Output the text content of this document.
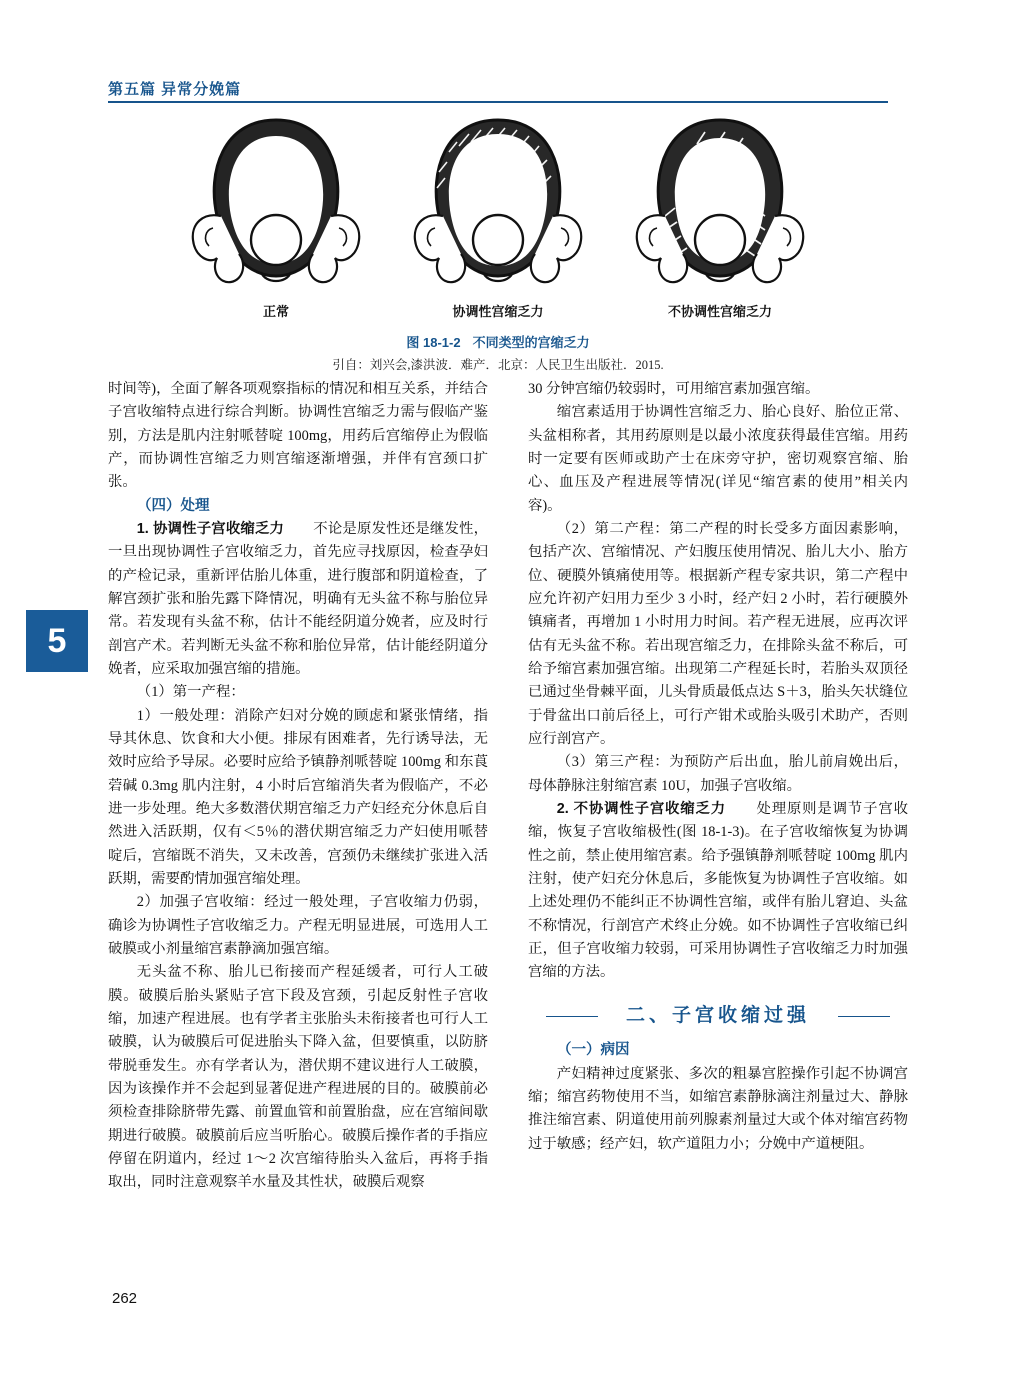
第五篇 异常分娩篇
5
正常	协调性宫缩乏力	不协调性宫缩乏力
图 18-1-2 不同类型的宫缩乏力
引自：刘兴会,漆洪波．难产．北京：人民卫生出版社．2015.

时间等)，全面了解各项观察指标的情况和相互关系，并结合子宫收缩特点进行综合判断。协调性宫缩乏力需与假临产鉴别，方法是肌内注射哌替啶 100mg，用药后宫缩停止为假临产，而协调性宫缩乏力则宫缩逐渐增强，并伴有宫颈口扩张。

（四）处理

1. 协调性子宫收缩乏力　　不论是原发性还是继发性，一旦出现协调性子宫收缩乏力，首先应寻找原因，检查孕妇的产检记录，重新评估胎儿体重，进行腹部和阴道检查，了解宫颈扩张和胎先露下降情况，明确有无头盆不称与胎位异常。若发现有头盆不称，估计不能经阴道分娩者，应及时行剖宫产术。若判断无头盆不称和胎位异常，估计能经阴道分娩者，应采取加强宫缩的措施。

（1）第一产程：

1）一般处理：消除产妇对分娩的顾虑和紧张情绪，指导其休息、饮食和大小便。排尿有困难者，先行诱导法，无效时应给予导尿。必要时应给予镇静剂哌替啶 100mg 和东莨菪碱 0.3mg 肌内注射，4 小时后宫缩消失者为假临产，不必进一步处理。绝大多数潜伏期宫缩乏力产妇经充分休息后自然进入活跃期，仅有＜5％的潜伏期宫缩乏力产妇使用哌替啶后，宫缩既不消失，又未改善，宫颈仍未继续扩张进入活跃期，需要酌情加强宫缩处理。

2）加强子宫收缩：经过一般处理，子宫收缩力仍弱，确诊为协调性子宫收缩乏力。产程无明显进展，可选用人工破膜或小剂量缩宫素静滴加强宫缩。

无头盆不称、胎儿已衔接而产程延缓者，可行人工破膜。破膜后胎头紧贴子宫下段及宫颈，引起反射性子宫收缩，加速产程进展。也有学者主张胎头未衔接者也可行人工破膜，认为破膜后可促进胎头下降入盆，但要慎重，以防脐带脱垂发生。亦有学者认为，潜伏期不建议进行人工破膜，因为该操作并不会起到显著促进产程进展的目的。破膜前必须检查排除脐带先露、前置血管和前置胎盘，应在宫缩间歇期进行破膜。破膜前后应当听胎心。破膜后操作者的手指应停留在阴道内，经过 1～2 次宫缩待胎头入盆后，再将手指取出，同时注意观察羊水量及其性状，破膜后观察

30 分钟宫缩仍较弱时，可用缩宫素加强宫缩。

缩宫素适用于协调性宫缩乏力、胎心良好、胎位正常、头盆相称者，其用药原则是以最小浓度获得最佳宫缩。用药时一定要有医师或助产士在床旁守护，密切观察宫缩、胎心、血压及产程进展等情况(详见“缩宫素的使用”相关内容)。

（2）第二产程：第二产程的时长受多方面因素影响，包括产次、宫缩情况、产妇腹压使用情况、胎儿大小、胎方位、硬膜外镇痛使用等。根据新产程专家共识，第二产程中应允许初产妇用力至少 3 小时，经产妇 2 小时，若行硬膜外镇痛者，再增加 1 小时用力时间。若产程无进展，应再次评估有无头盆不称。若出现宫缩乏力，在排除头盆不称后，可给予缩宫素加强宫缩。出现第二产程延长时，若胎头双顶径已通过坐骨棘平面，儿头骨质最低点达 S＋3，胎头矢状缝位于骨盆出口前后径上，可行产钳术或胎头吸引术助产，否则应行剖宫产。

（3）第三产程：为预防产后出血，胎儿前肩娩出后，母体静脉注射缩宫素 10U，加强子宫收缩。

2. 不协调性子宫收缩乏力　　处理原则是调节子宫收缩，恢复子宫收缩极性(图 18-1-3)。在子宫收缩恢复为协调性之前，禁止使用缩宫素。给予强镇静剂哌替啶 100mg 肌内注射，使产妇充分休息后，多能恢复为协调性子宫收缩。如上述处理仍不能纠正不协调性宫缩，或伴有胎儿窘迫、头盆不称情况，行剖宫产术终止分娩。如不协调性子宫收缩已纠正，但子宫收缩力较弱，可采用协调性子宫收缩乏力时加强宫缩的方法。

二、子宫收缩过强

（一）病因

产妇精神过度紧张、多次的粗暴宫腔操作引起不协调宫缩；缩宫药物使用不当，如缩宫素静脉滴注剂量过大、静脉推注缩宫素、阴道使用前列腺素剂量过大或个体对缩宫药物过于敏感；经产妇，软产道阻力小；分娩中产道梗阻。

262
